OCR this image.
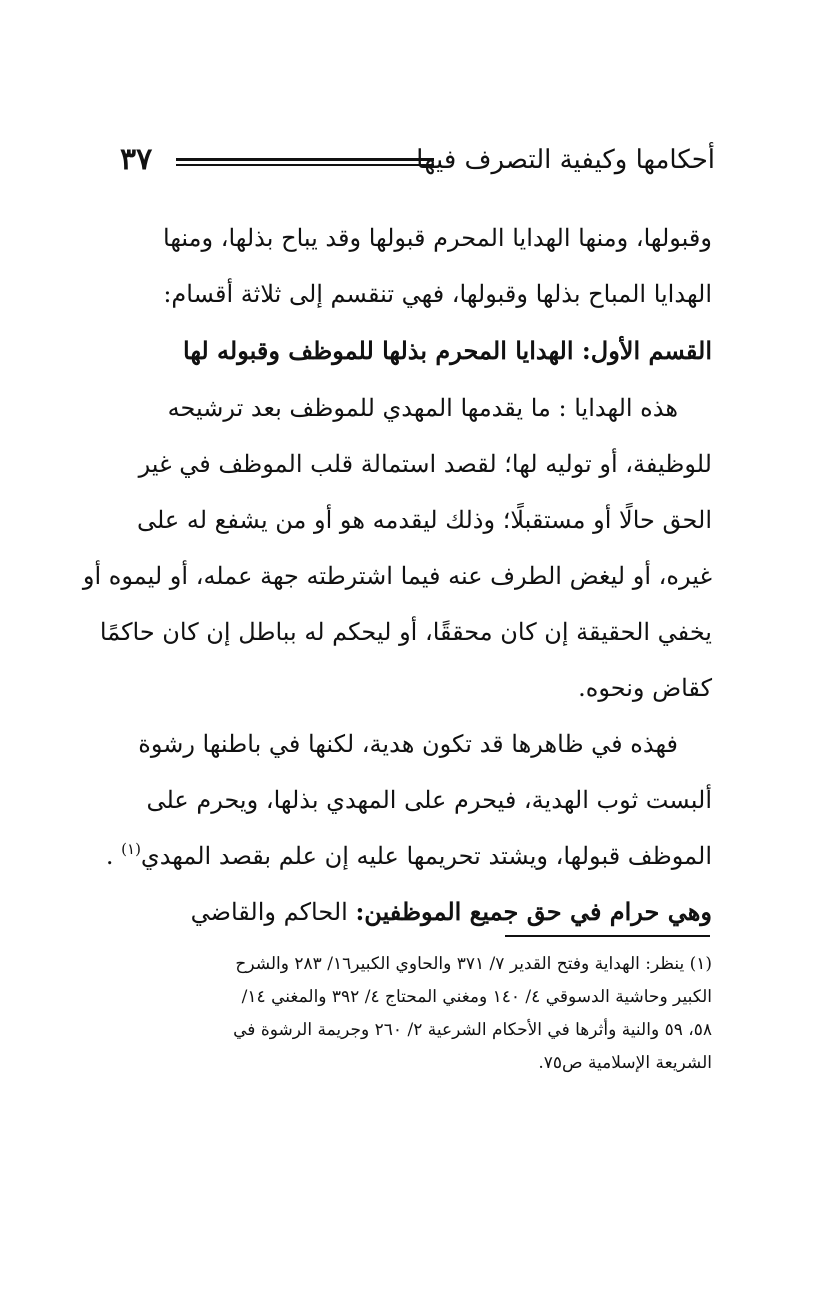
٣٧	أحكامها وكيفية التصرف فيها
وقبولها، ومنها الهدايا المحرم قبولها وقد يباح بذلها، ومنها
الهدايا المباح بذلها وقبولها، فهي تنقسم إلى ثلاثة أقسام:
القسم الأول: الهدايا المحرم بذلها للموظف وقبوله لها
هذه الهدايا : ما يقدمها المهدي للموظف بعد ترشيحه
للوظيفة، أو توليه لها؛ لقصد استمالة قلب الموظف في غير
الحق حالًا أو مستقبلًا؛ وذلك ليقدمه هو أو من يشفع له على
غيره، أو ليغض الطرف عنه فيما اشترطته جهة عمله، أو ليموه أو
يخفي الحقيقة إن كان محققًا، أو ليحكم له بباطل إن كان حاكمًا
كقاض ونحوه.
فهذه في ظاهرها قد تكون هدية، لكنها في باطنها رشوة
ألبست ثوب الهدية، فيحرم على المهدي بذلها، ويحرم على
الموظف قبولها، ويشتد تحريمها عليه إن علم بقصد المهدي$^{(١)}$ .
وهي حرام في حق جميع الموظفين: الحاكم والقاضي
(١) ينظر: الهداية وفتح القدير ٧/ ٣٧١ والحاوي الكبير١٦/ ٢٨٣ والشرح
الكبير وحاشية الدسوقي ٤/ ١٤٠ ومغني المحتاج ٤/ ٣٩٢ والمغني ١٤/
٥٨، ٥٩ والنية وأثرها في الأحكام الشرعية ٢/ ٢٦٠ وجريمة الرشوة في
الشريعة الإسلامية ص٧٥.
